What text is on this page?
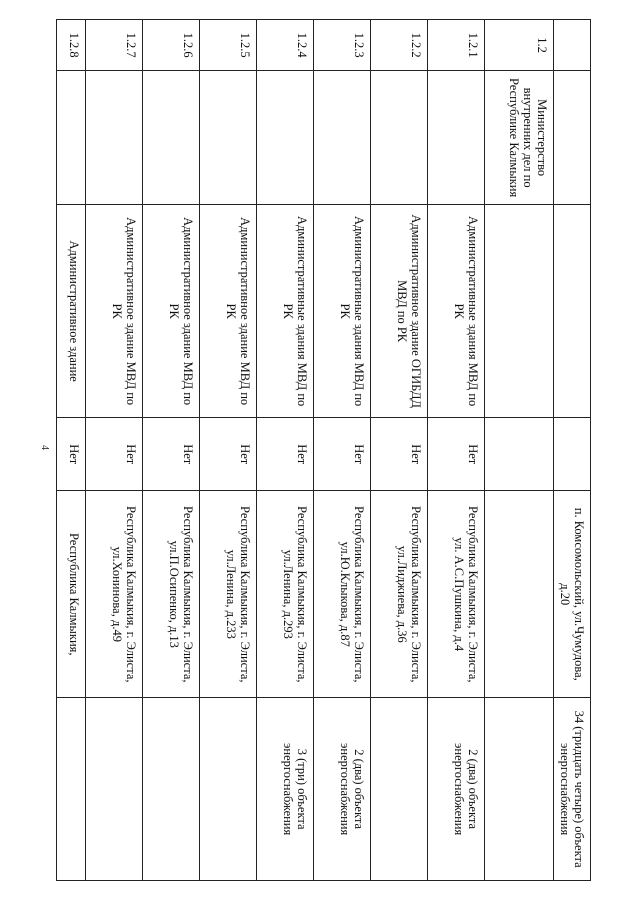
4
				п. Комсомольский, ул.Чумудова, д.20	34 (тридцать четыре) объекта энергоснабжения
1.2	Министерство внутренних дел по Республике Калмыкия				
1.2.1		Административные здания МВД по РК	Нет	Республика Калмыкия, г. Элиста, ул. А.С.Пушкина, д.4	2 (два) объекта энергоснабжения
1.2.2		Административное здание ОГИБДД МВД по РК	Нет	Республика Калмыкия, г. Элиста, ул.Лиджиева, д.36	
1.2.3		Административные здания МВД по РК	Нет	Республика Калмыкия, г. Элиста, ул.Ю.Клыкова, д.87	2 (два) объекта энергоснабжения
1.2.4		Административные здания МВД по РК	Нет	Республика Калмыкия, г. Элиста, ул.Ленина, д.293	3 (три) объекта энергоснабжения
1.2.5		Административное здание МВД по РК	Нет	Республика Калмыкия, г. Элиста, ул.Ленина, д.233	
1.2.6		Административное здание МВД по РК	Нет	Республика Калмыкия, г. Элиста, ул.П.Осипенко, д.13	
1.2.7		Административное здание МВД по РК	Нет	Республика Калмыкия, г. Элиста, ул.Хонинова, д.49	
1.2.8		Административное здание	Нет	Республика Калмыкия,	
